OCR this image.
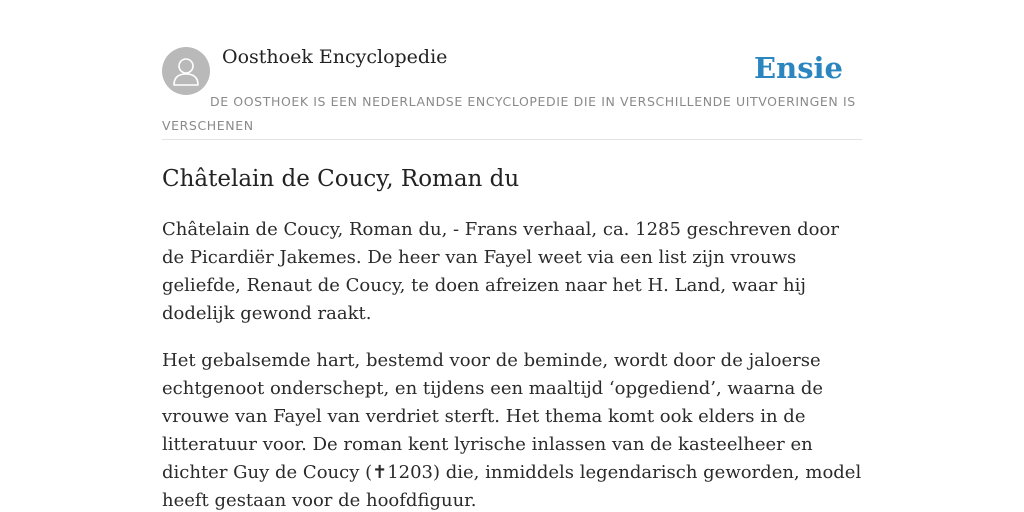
Oosthoek Encyclopedie	Ensie
DE OOSTHOEK IS EEN NEDERLANDSE ENCYCLOPEDIE DIE IN VERSCHILLENDE UITVOERINGEN IS VERSCHENEN
Châtelain de Coucy, Roman du

Châtelain de Coucy, Roman du, - Frans verhaal, ca. 1285 geschreven door de Picardiër Jakemes. De heer van Fayel weet via een list zijn vrouws geliefde, Renaut de Coucy, te doen afreizen naar het H. Land, waar hij dodelijk gewond raakt.

Het gebalsemde hart, bestemd voor de beminde, wordt door de jaloerse echtgenoot onderschept, en tijdens een maaltijd ‘opgediend’, waarna de vrouwe van Fayel van verdriet sterft. Het thema komt ook elders in de litteratuur voor. De roman kent lyrische inlassen van de kasteelheer en dichter Guy de Coucy (✝1203) die, inmiddels legendarisch geworden, model heeft gestaan voor de hoofdfiguur.
